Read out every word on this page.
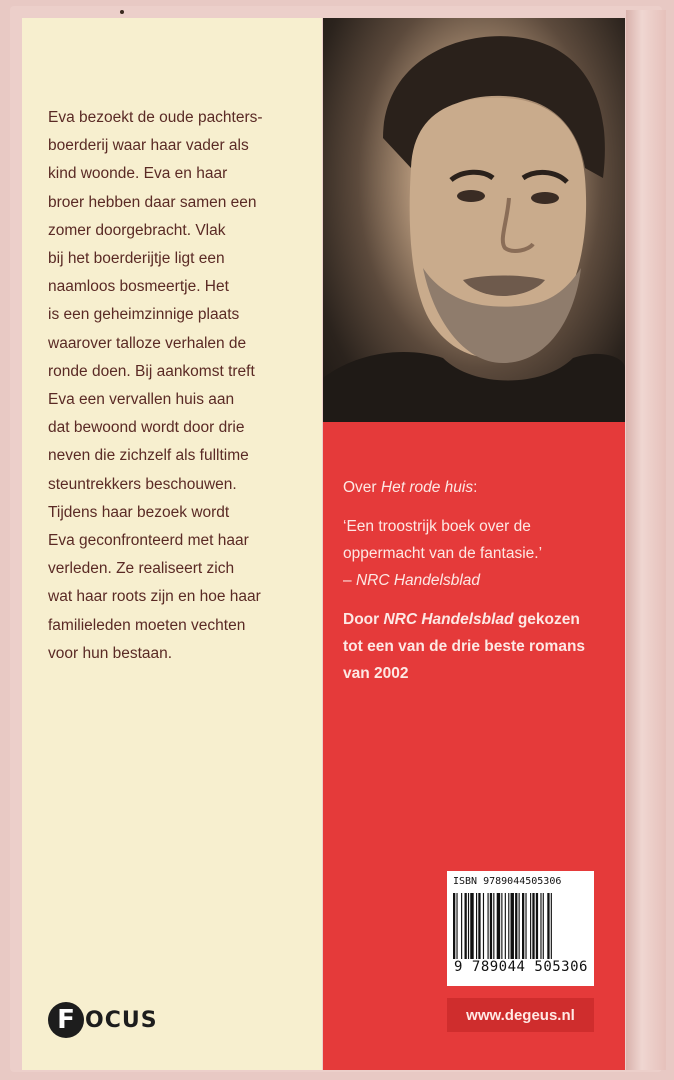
Eva bezoekt de oude pachters-
boerderij waar haar vader als
kind woonde. Eva en haar
broer hebben daar samen een
zomer doorgebracht. Vlak
bij het boerderijtje ligt een
naamloos bosmeertje. Het
is een geheimzinnige plaats
waarover talloze verhalen de
ronde doen. Bij aankomst treft
Eva een vervallen huis aan
dat bewoond wordt door drie
neven die zichzelf als fulltime
steuntrekkers beschouwen.
Tijdens haar bezoek wordt
Eva geconfronteerd met haar
verleden. Ze realiseert zich
wat haar roots zijn en hoe haar
familieleden moeten vechten
voor hun bestaan.
F OCUS
Over Het rode huis:
‘Een troostrijk boek over de
oppermacht van de fantasie.’
– NRC Handelsblad
Door NRC Handelsblad gekozen
tot een van de drie beste romans
van 2002
ISBN 9789044505306
9 789044 505306
www.degeus.nl
